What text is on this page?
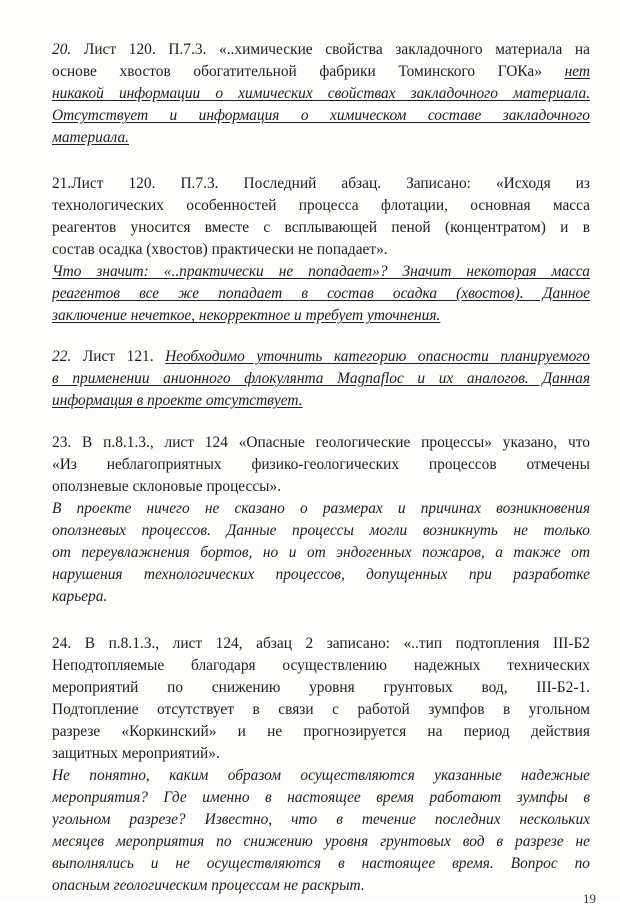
20. Лист 120. П.7.3. «..химические свойства закладочного материала на
основе хвостов обогатительной фабрики Томинского ГОКа» нет
никакой информации о химических свойствах закладочного материала.
Отсутствует и информация о химическом составе закладочного
материала.
21.Лист 120. П.7.3. Последний абзац. Записано: «Исходя из
технологических особенностей процесса флотации, основная масса
реагентов уносится вместе с всплывающей пеной (концентратом) и в
состав осадка (хвостов) практически не попадает».
Что значит: «..практически не попадает»? Значит некоторая масса
реагентов все же попадает в состав осадка (хвостов). Данное
заключение нечеткое, некорректное и требует уточнения.
22. Лист 121. Необходимо уточнить категорию опасности планируемого
в применении анионного флокулянта Magnafloc и их аналогов. Данная
информация в проекте отсутствует.
23. В п.8.1.3., лист 124 «Опасные геологические процессы» указано, что
«Из неблагоприятных физико-геологических процессов отмечены
оползневые склоновые процессы».
В проекте ничего не сказано о размерах и причинах возникновения
оползневых процессов. Данные процессы могли возникнуть не только
от переувлажнения бортов, но и от эндогенных пожаров, а также от
нарушения технологических процессов, допущенных при разработке
карьера.
24. В п.8.1.3., лист 124, абзац 2 записано: «..тип подтопления III-Б2
Неподтопляемые благодаря осуществлению надежных технических
мероприятий по снижению уровня грунтовых вод, III-Б2-1.
Подтопление отсутствует в связи с работой зумпфов в угольном
разрезе «Коркинский» и не прогнозируется на период действия
защитных мероприятий».
Не понятно, каким образом осуществляются указанные надежные
мероприятия? Где именно в настоящее время работают зумпфы в
угольном разрезе? Известно, что в течение последних нескольких
месяцев мероприятия по снижению уровня грунтовых вод в разрезе не
выполнялись и не осуществляются в настоящее время. Вопрос по
опасным геологическим процессам не раскрыт.
19
